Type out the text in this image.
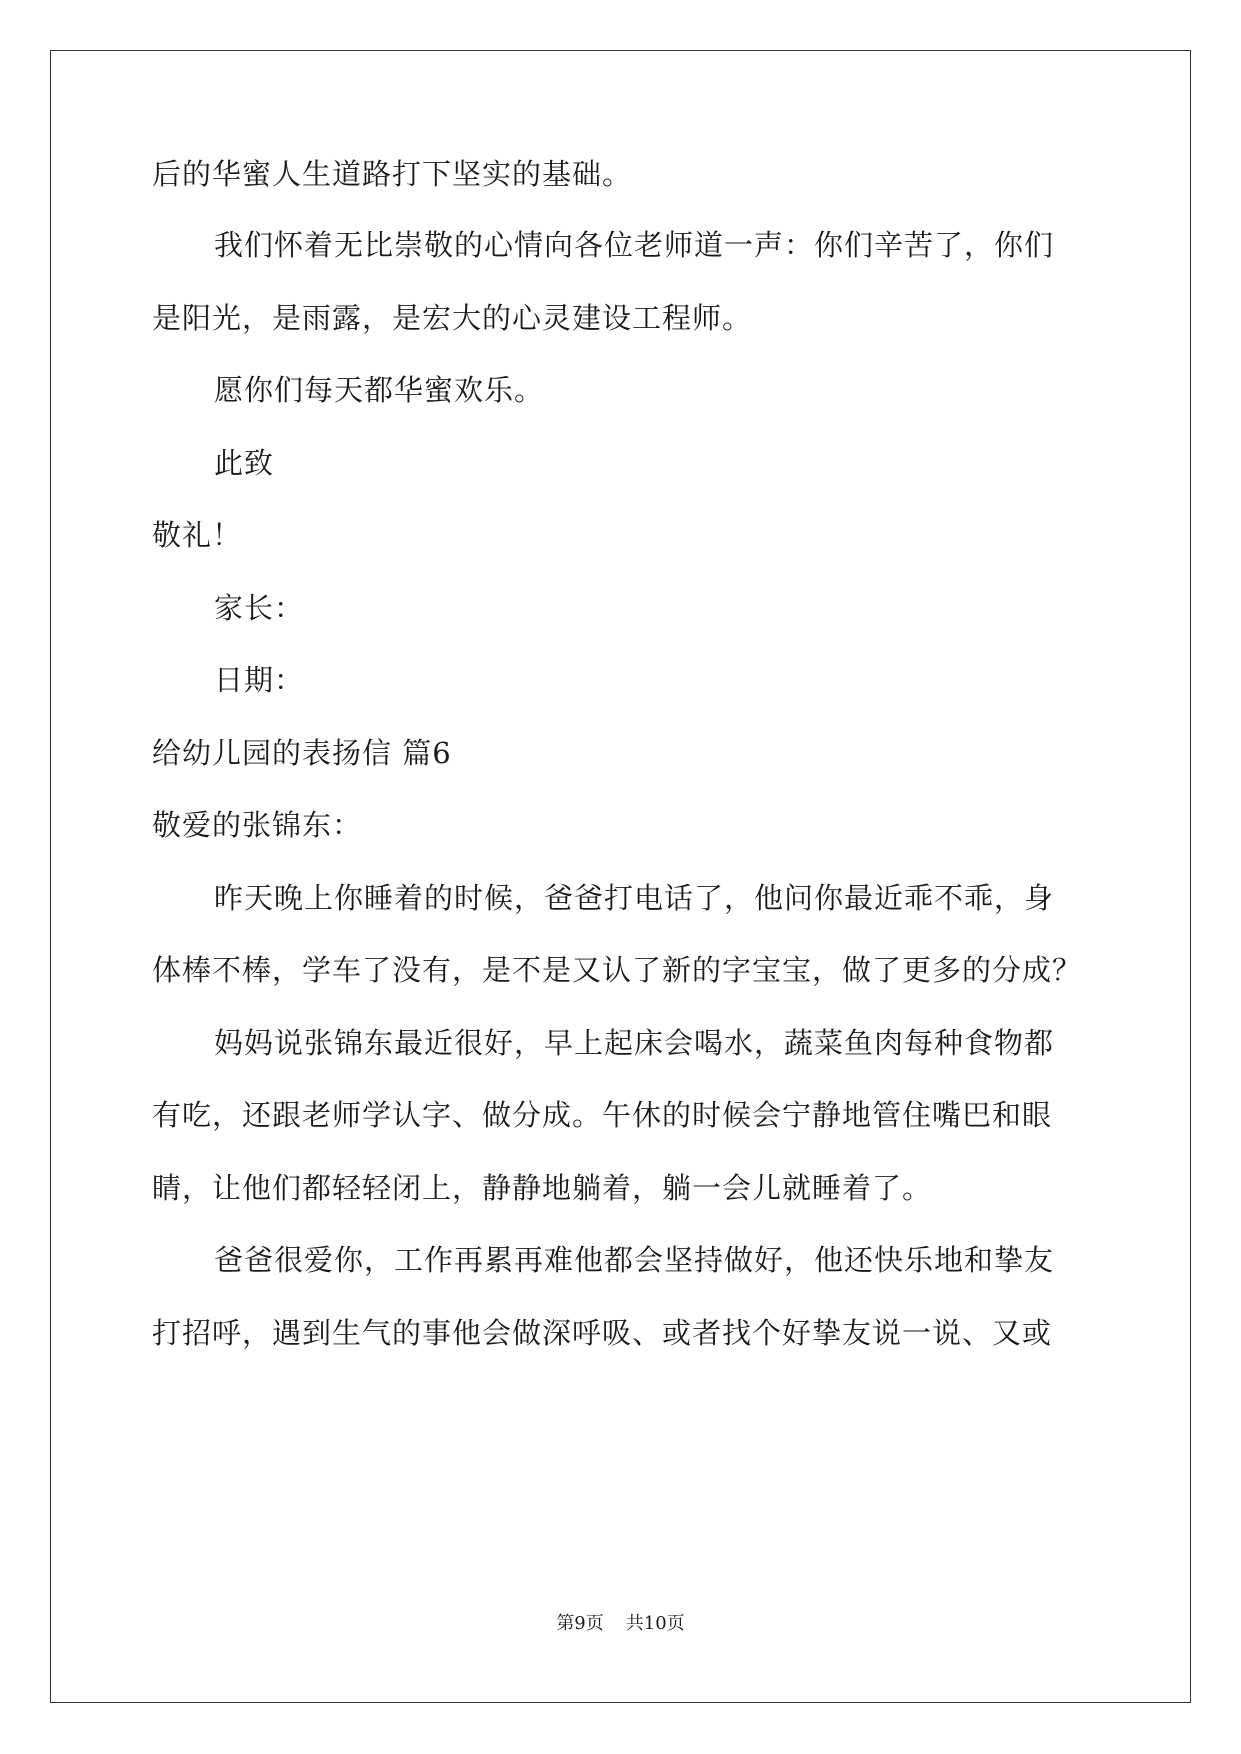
后的华蜜人生道路打下坚实的基础。
我们怀着无比崇敬的心情向各位老师道一声：你们辛苦了，你们
是阳光，是雨露，是宏大的心灵建设工程师。
愿你们每天都华蜜欢乐。
此致
敬礼！
家长：
日期：
给幼儿园的表扬信 篇6
敬爱的张锦东：
昨天晚上你睡着的时候，爸爸打电话了，他问你最近乖不乖，身
体棒不棒，学车了没有，是不是又认了新的字宝宝，做了更多的分成？
妈妈说张锦东最近很好，早上起床会喝水，蔬菜鱼肉每种食物都
有吃，还跟老师学认字、做分成。午休的时候会宁静地管住嘴巴和眼
睛，让他们都轻轻闭上，静静地躺着，躺一会儿就睡着了。
爸爸很爱你，工作再累再难他都会坚持做好，他还快乐地和挚友
打招呼，遇到生气的事他会做深呼吸、或者找个好挚友说一说、又或
第9页 共10页
